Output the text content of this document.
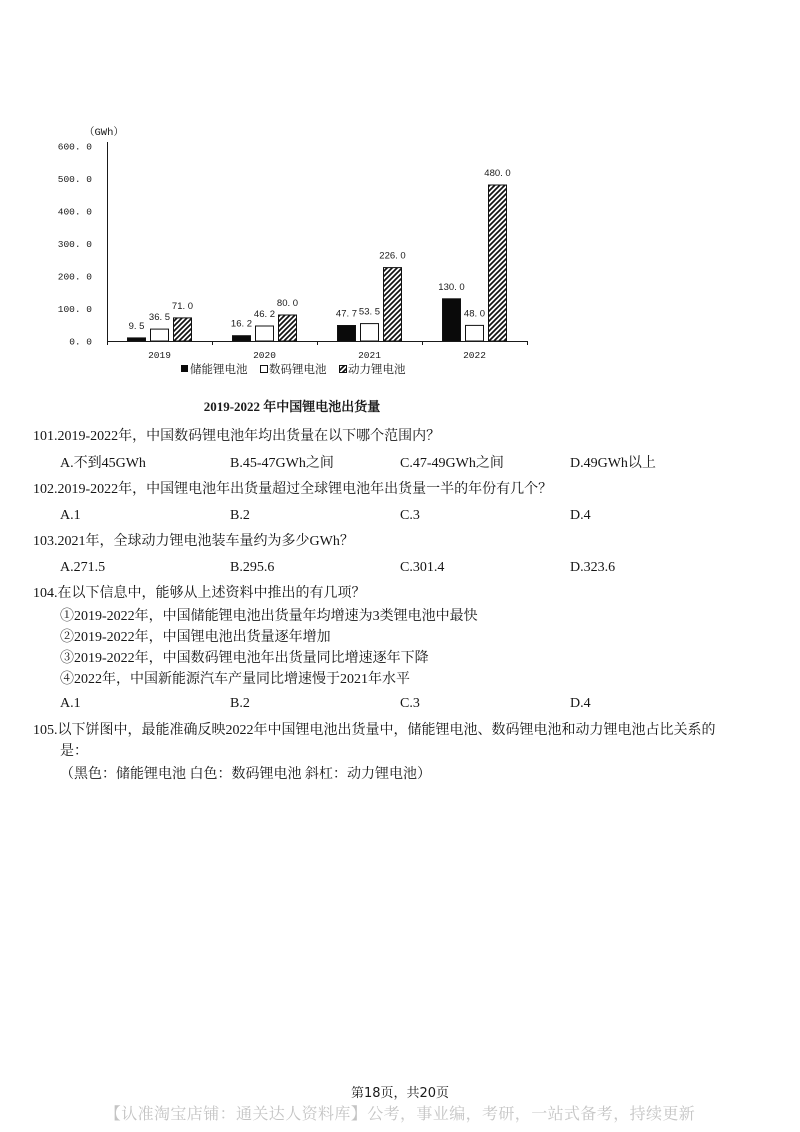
（GWh）
0. 0
100. 0
200. 0
300. 0
400. 0
500. 0
600. 0
2019	2020	2021	2022
9. 5	16. 2
47. 7
130. 0
36. 5	46. 2	53. 5	48. 0
71. 0	80. 0
226. 0
480. 0
储能锂电池 数码锂电池 动力锂电池
2019-2022 年中国锂电池出货量
101.2019-2022年，中国数码锂电池年均出货量在以下哪个范围内？
A.不到45GWh	B.45-47GWh之间	C.47-49GWh之间	D.49GWh以上
102.2019-2022年，中国锂电池年出货量超过全球锂电池年出货量一半的年份有几个？
A.1	B.2	C.3	D.4
103.2021年，全球动力锂电池装车量约为多少GWh？
A.271.5	B.295.6	C.301.4	D.323.6
104.在以下信息中，能够从上述资料中推出的有几项？
①2019-2022年，中国储能锂电池出货量年均增速为3类锂电池中最快
②2019-2022年，中国锂电池出货量逐年增加
③2019-2022年，中国数码锂电池年出货量同比增速逐年下降
④2022年，中国新能源汽车产量同比增速慢于2021年水平
A.1	B.2	C.3	D.4
105.以下饼图中，最能准确反映2022年中国锂电池出货量中，储能锂电池、数码锂电池和动力锂电池占比关系的
是：
（黑色：储能锂电池 白色：数码锂电池 斜杠：动力锂电池）
第18页，共20页
【认准淘宝店铺：通关达人资料库】公考，事业编，考研，一站式备考，持续更新
